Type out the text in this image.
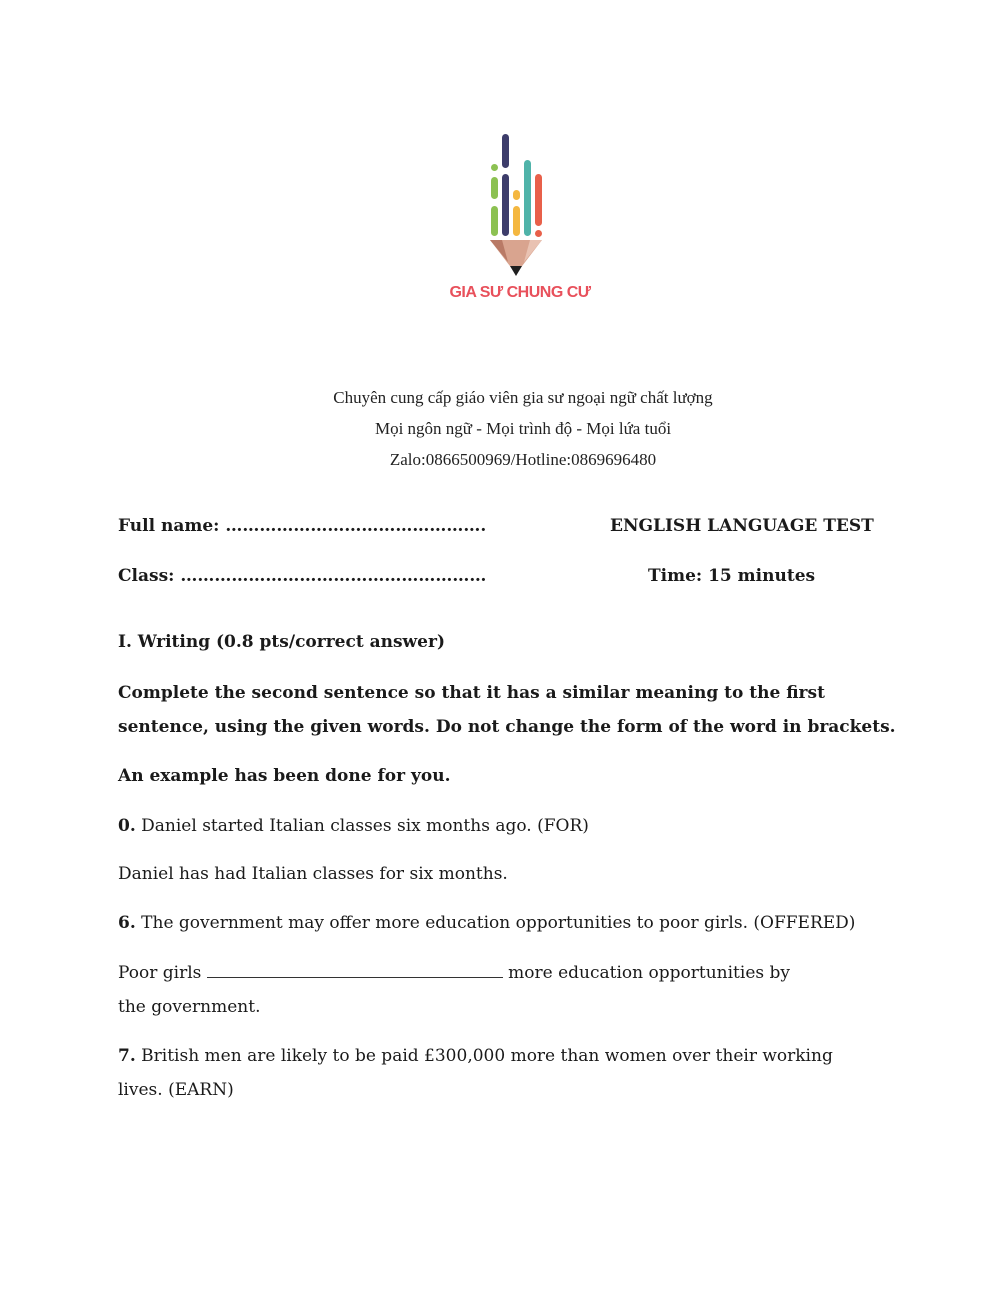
GIA SƯ CHUNG CƯ
Chuyên cung cấp giáo viên gia sư ngoại ngữ chất lượng
Mọi ngôn ngữ - Mọi trình độ - Mọi lứa tuổi
Zalo:0866500969/Hotline:0869696480
Full name: ……………………………………….	ENGLISH LANGUAGE TEST
Class: ………………………………………………	Time: 15 minutes
I. Writing (0.8 pts/correct answer)
Complete the second sentence so that it has a similar meaning to the first sentence, using the given words. Do not change the form of the word in brackets.
An example has been done for you.
0. Daniel started Italian classes six months ago. (FOR)
Daniel has had Italian classes for six months.
6. The government may offer more education opportunities to poor girls. (OFFERED)
Poor girls	more education opportunities by the government.
7. British men are likely to be paid £300,000 more than women over their working lives. (EARN)
